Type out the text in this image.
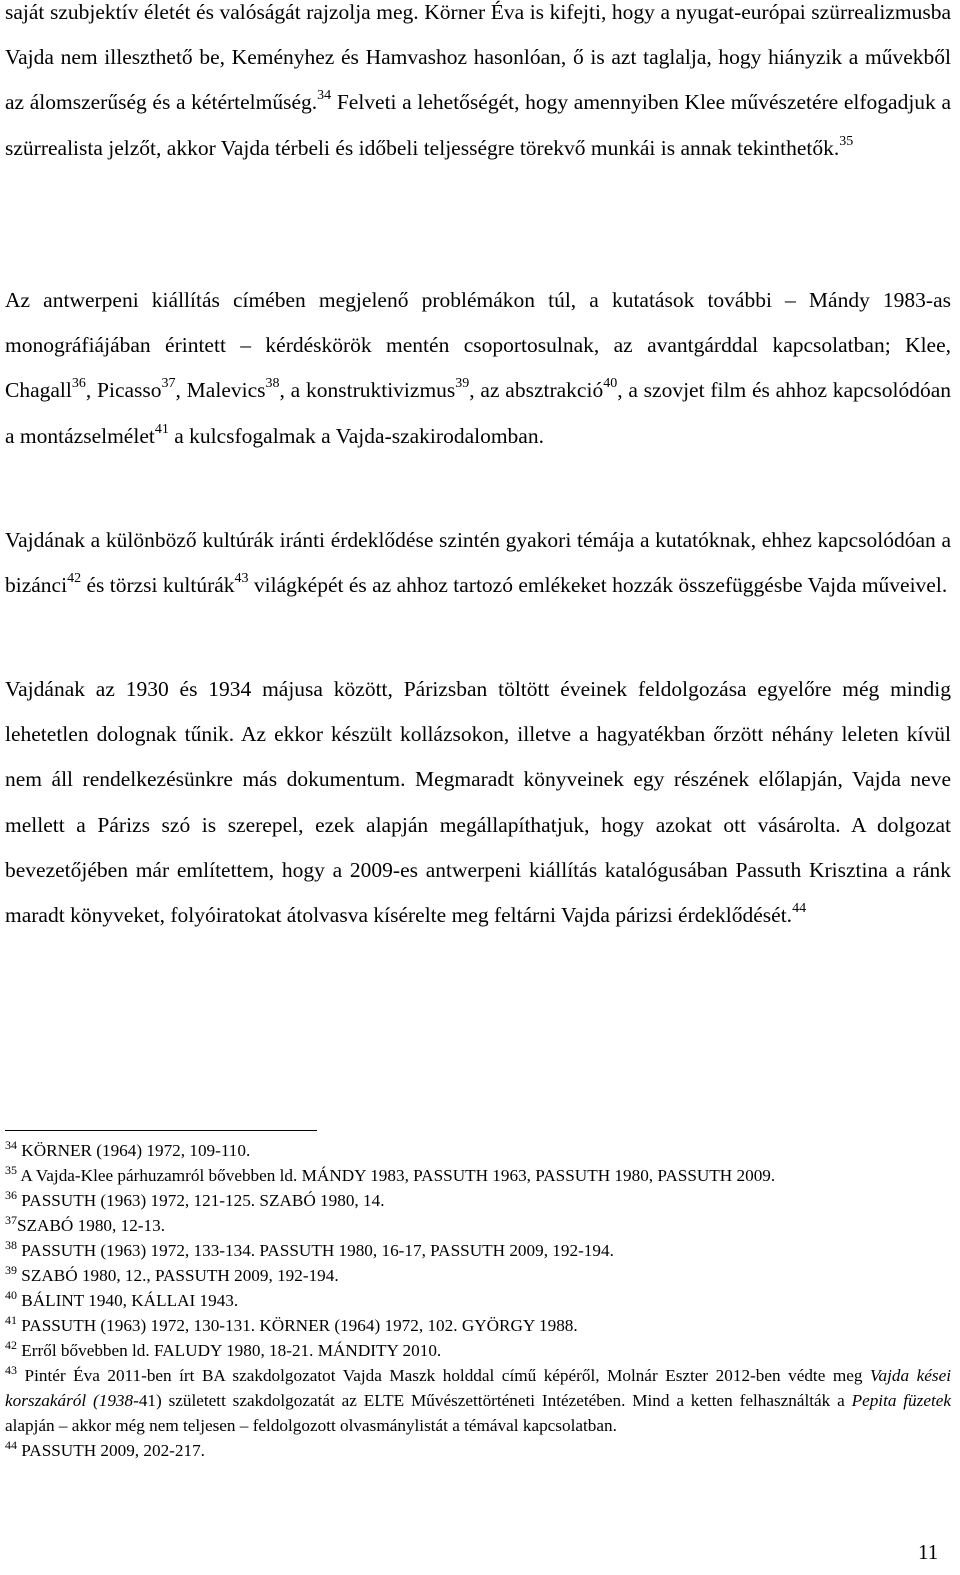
saját szubjektív életét és valóságát rajzolja meg. Körner Éva is kifejti, hogy a nyugat-európai szürrealizmusba Vajda nem illeszthető be, Keményhez és Hamvashoz hasonlóan, ő is azt taglalja, hogy hiányzik a művekből az álomszerűség és a kétértelműség.$^{34}$ Felveti a lehetőségét, hogy amennyiben Klee művészetére elfogadjuk a szürrealista jelzőt, akkor Vajda térbeli és időbeli teljességre törekvő munkái is annak tekinthetők.$^{35}$

Az antwerpeni kiállítás címében megjelenő problémákon túl, a kutatások további – Mándy 1983-as monográfiájában érintett – kérdéskörök mentén csoportosulnak, az avantgárddal kapcsolatban; Klee, Chagall$^{36}$, Picasso$^{37}$, Malevics$^{38}$, a konstruktivizmus$^{39}$, az absztrakció$^{40}$, a szovjet film és ahhoz kapcsolódóan a montázselmélet$^{41}$ a kulcsfogalmak a Vajda-szakirodalomban.

Vajdának a különböző kultúrák iránti érdeklődése szintén gyakori témája a kutatóknak, ehhez kapcsolódóan a bizánci$^{42}$ és törzsi kultúrák$^{43}$ világképét és az ahhoz tartozó emlékeket hozzák összefüggésbe Vajda műveivel.

Vajdának az 1930 és 1934 májusa között, Párizsban töltött éveinek feldolgozása egyelőre még mindig lehetetlen dolognak tűnik. Az ekkor készült kollázsokon, illetve a hagyatékban őrzött néhány leleten kívül nem áll rendelkezésünkre más dokumentum. Megmaradt könyveinek egy részének előlapján, Vajda neve mellett a Párizs szó is szerepel, ezek alapján megállapíthatjuk, hogy azokat ott vásárolta. A dolgozat bevezetőjében már említettem, hogy a 2009-es antwerpeni kiállítás katalógusában Passuth Krisztina a ránk maradt könyveket, folyóiratokat átolvasva kísérelte meg feltárni Vajda párizsi érdeklődését.$^{44}$

$^{34}$ KÖRNER (1964) 1972, 109-110.

$^{35}$ A Vajda-Klee párhuzamról bővebben ld. MÁNDY 1983, PASSUTH 1963, PASSUTH 1980, PASSUTH 2009.

$^{36}$ PASSUTH (1963) 1972, 121-125. SZABÓ 1980, 14.

$^{37}$SZABÓ 1980, 12-13.

$^{38}$ PASSUTH (1963) 1972, 133-134. PASSUTH 1980, 16-17, PASSUTH 2009, 192-194.

$^{39}$ SZABÓ 1980, 12., PASSUTH 2009, 192-194.

$^{40}$ BÁLINT 1940, KÁLLAI 1943.

$^{41}$ PASSUTH (1963) 1972, 130-131. KÖRNER (1964) 1972, 102. GYÖRGY 1988.

$^{42}$ Erről bővebben ld. FALUDY 1980, 18-21. MÁNDITY 2010.

$^{43}$ Pintér Éva 2011-ben írt BA szakdolgozatot Vajda Maszk holddal című képéről, Molnár Eszter 2012-ben védte meg Vajda kései korszakáról (1938-41) született szakdolgozatát az ELTE Művészettörténeti Intézetében. Mind a ketten felhasználták a Pepita füzetek alapján – akkor még nem teljesen – feldolgozott olvasmánylistát a témával kapcsolatban.

$^{44}$ PASSUTH 2009, 202-217.

11
